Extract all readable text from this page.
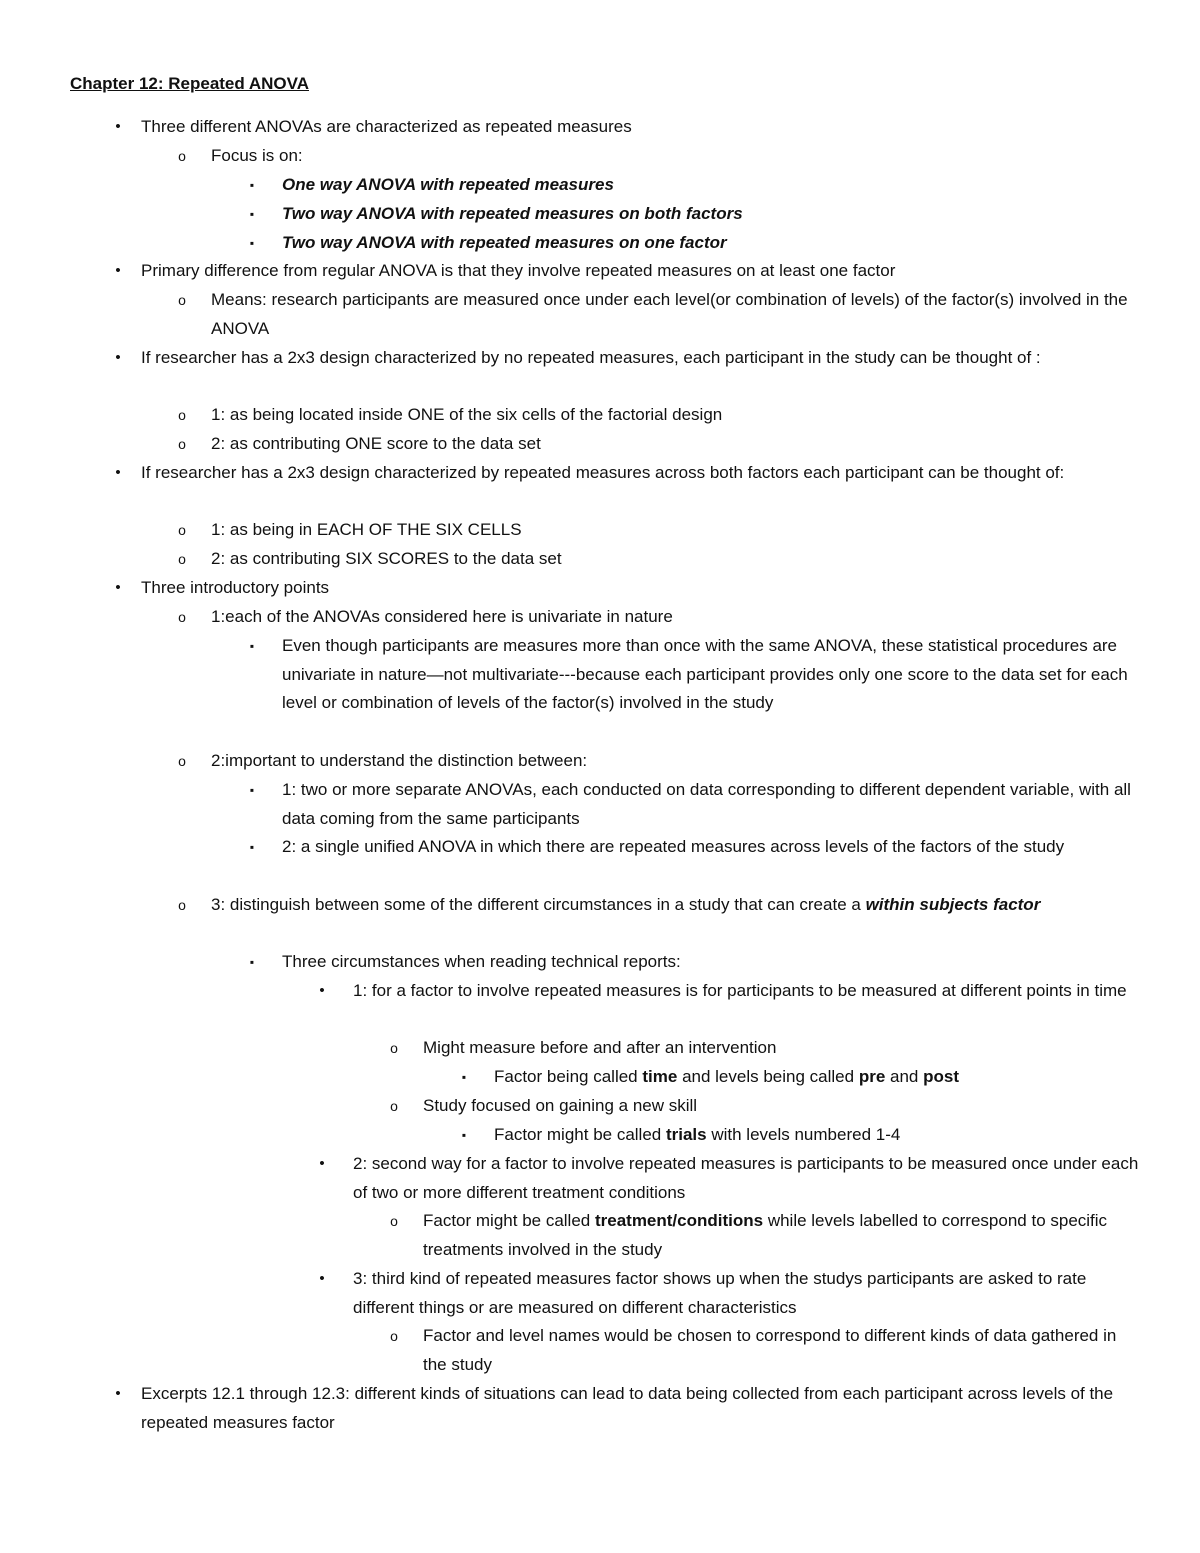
Chapter 12: Repeated ANOVA
• Three different ANOVAs are characterized as repeated measures
o Focus is on:
▪ One way ANOVA with repeated measures
▪ Two way ANOVA with repeated measures on both factors
▪ Two way ANOVA with repeated measures on one factor
• Primary difference from regular ANOVA is that they involve repeated measures on at least one factor
o Means: research participants are measured once under each level(or combination of levels) of the factor(s) involved in the ANOVA
• If researcher has a 2x3 design characterized by no repeated measures, each participant in the study can be thought of :
o 1: as being located inside ONE of the six cells of the factorial design
o 2: as contributing ONE score to the data set
• If researcher has a 2x3 design characterized by repeated measures across both factors each participant can be thought of:
o 1: as being in EACH OF THE SIX CELLS
o 2: as contributing SIX SCORES to the data set
• Three introductory points
o 1:each of the ANOVAs considered here is univariate in nature
▪ Even though participants are measures more than once with the same ANOVA, these statistical procedures are univariate in nature—not multivariate---because each participant provides only one score to the data set for each level or combination of levels of the factor(s) involved in the study
o 2:important to understand the distinction between:
▪ 1: two or more separate ANOVAs, each conducted on data corresponding to different dependent variable, with all data coming from the same participants
▪ 2: a single unified ANOVA in which there are repeated measures across levels of the factors of the study
o 3: distinguish between some of the different circumstances in a study that can create a within subjects factor
▪ Three circumstances when reading technical reports:
• 1: for a factor to involve repeated measures is for participants to be measured at different points in time
o Might measure before and after an intervention
▪ Factor being called time and levels being called pre and post
o Study focused on gaining a new skill
▪ Factor might be called trials with levels numbered 1-4
• 2: second way for a factor to involve repeated measures is participants to be measured once under each of two or more different treatment conditions
o Factor might be called treatment/conditions while levels labelled to correspond to specific treatments involved in the study
• 3: third kind of repeated measures factor shows up when the studys participants are asked to rate different things or are measured on different characteristics
o Factor and level names would be chosen to correspond to different kinds of data gathered in the study
• Excerpts 12.1 through 12.3: different kinds of situations can lead to data being collected from each participant across levels of the repeated measures factor
